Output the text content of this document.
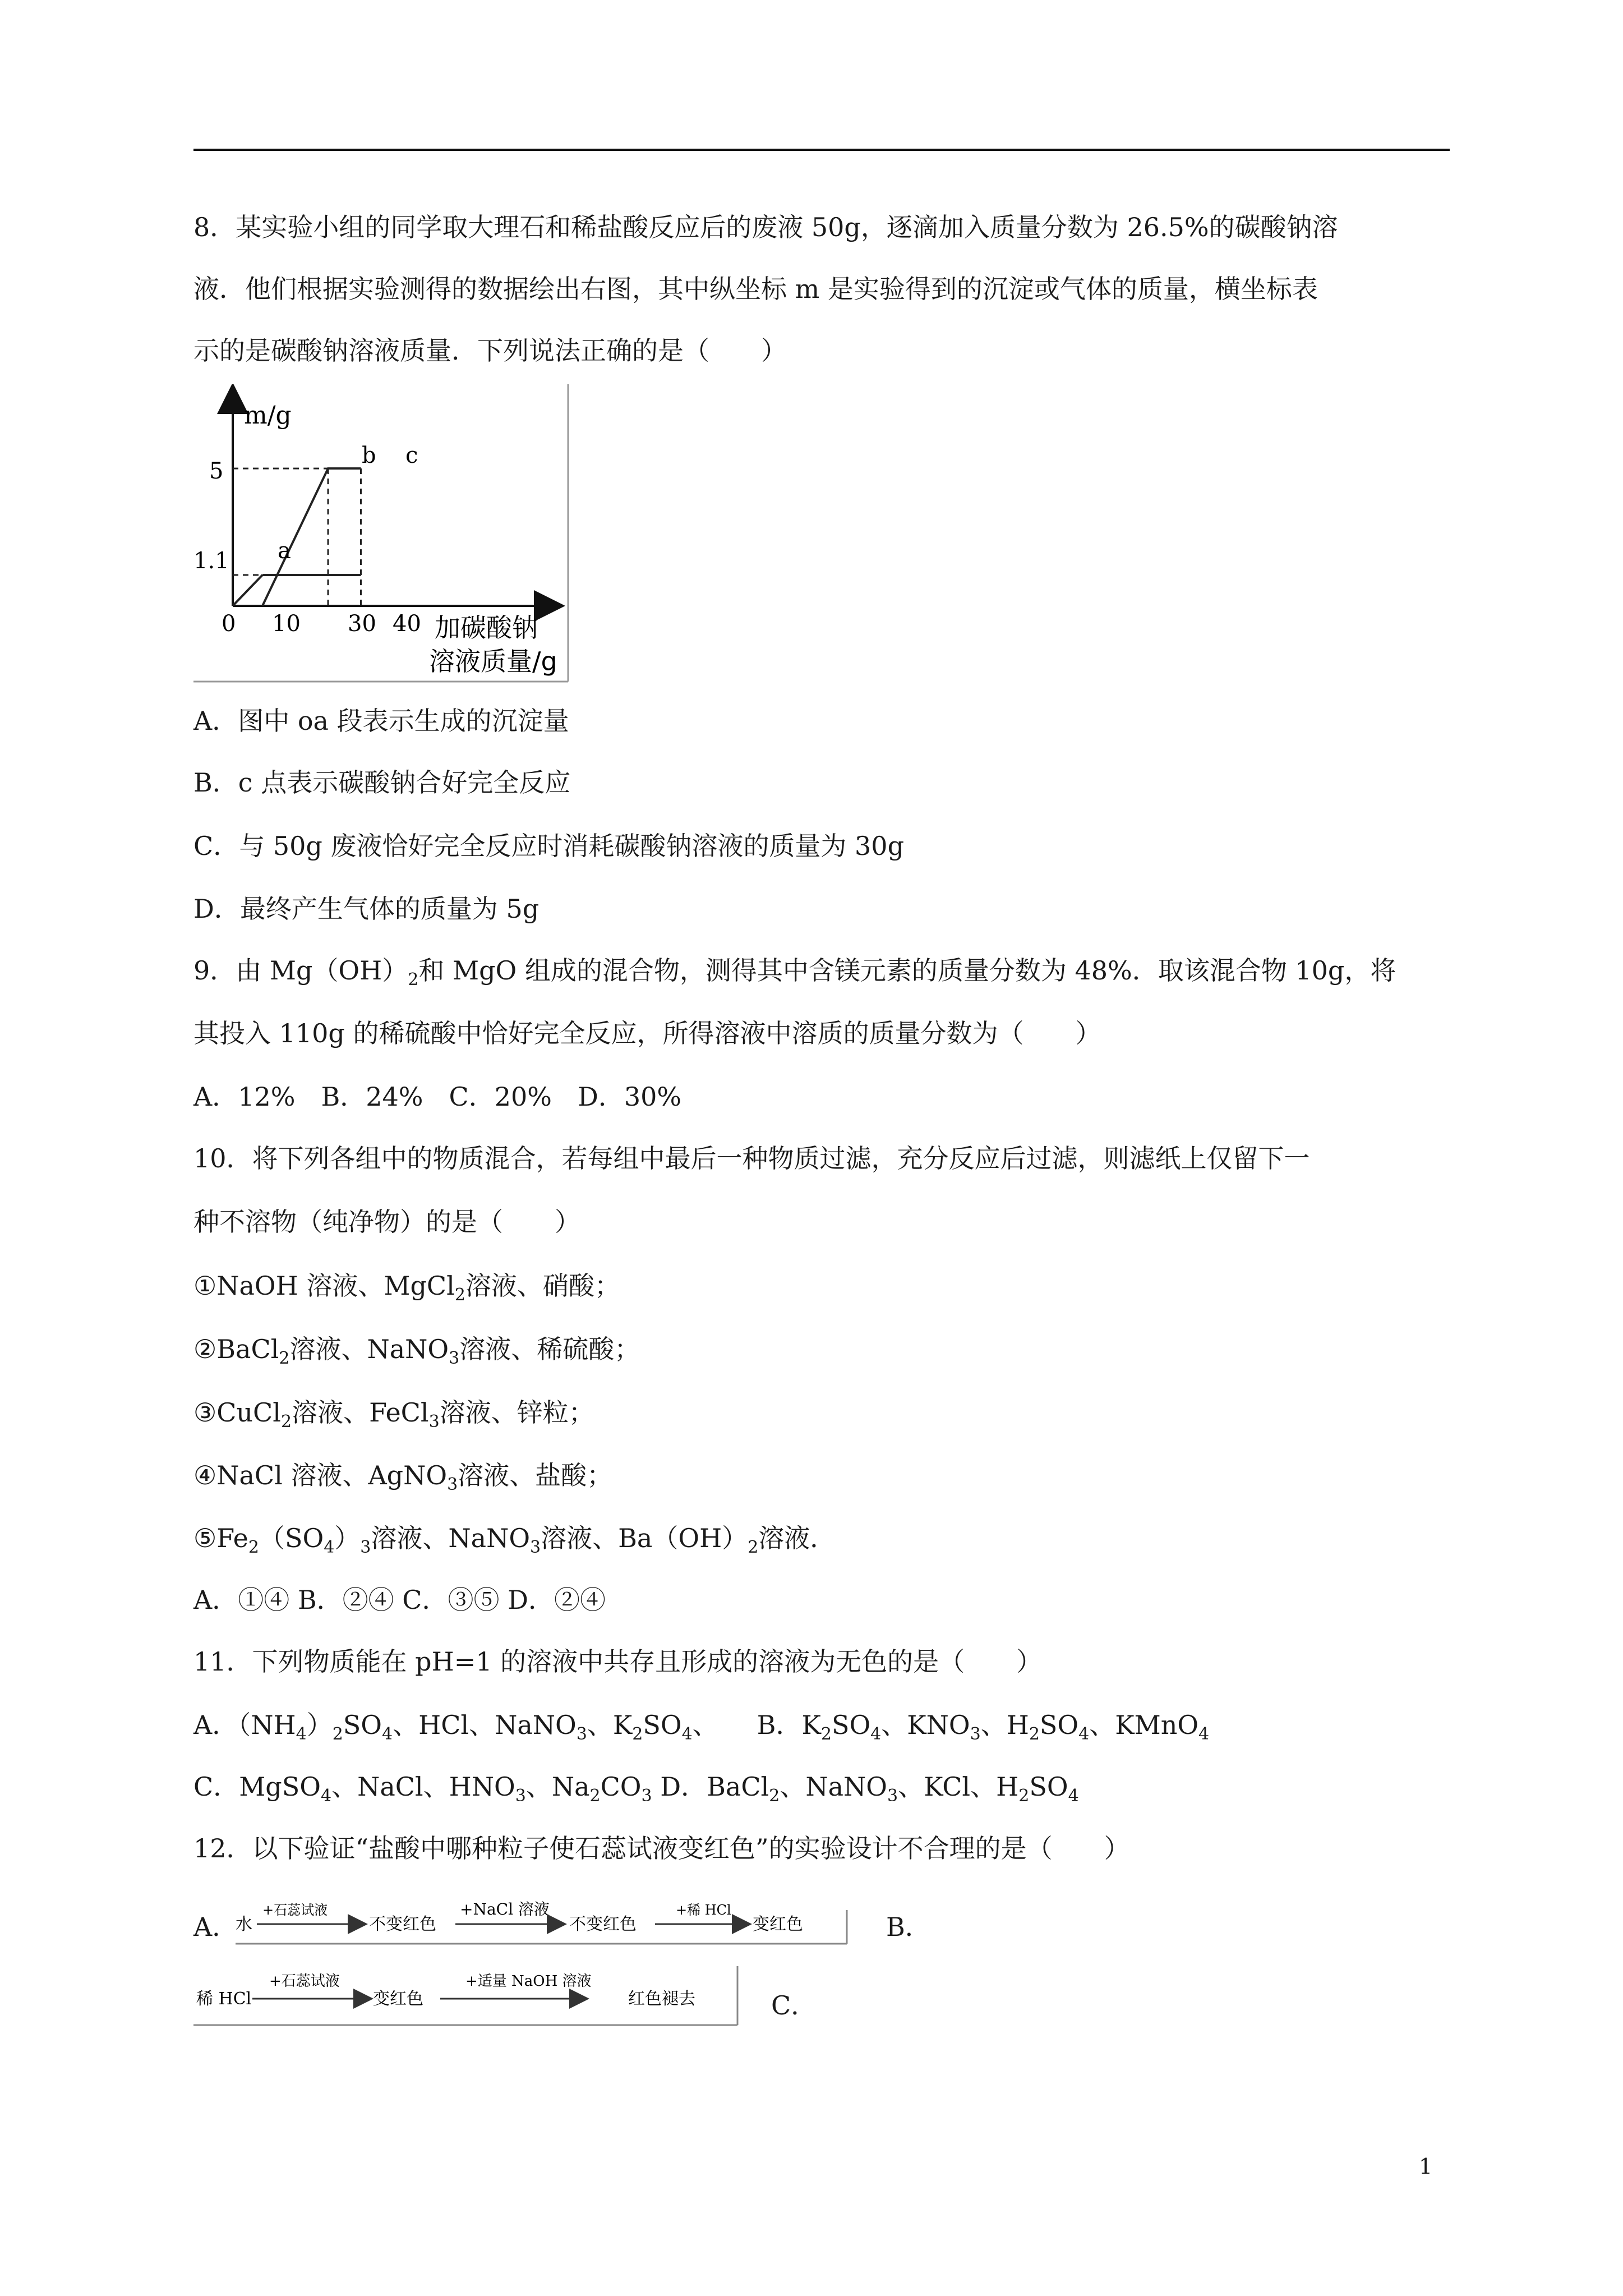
8．某实验小组的同学取大理石和稀盐酸反应后的废液 50g，逐滴加入质量分数为 26.5%的碳酸钠溶
液．他们根据实验测得的数据绘出右图，其中纵坐标 m 是实验得到的沉淀或气体的质量，横坐标表
示的是碳酸钠溶液质量．下列说法正确的是（　　）
m/g
加碳酸钠
溶液质量/g
0 10 30 40
5
1.1 a
b c
A．图中 oa 段表示生成的沉淀量
B．c 点表示碳酸钠合好完全反应
C．与 50g 废液恰好完全反应时消耗碳酸钠溶液的质量为 30g
D．最终产生气体的质量为 5g
9．由 $Mg(OH)_2$和 MgO 组成的混合物，测得其中含镁元素的质量分数为 48%．取该混合物 10g，将
其投入 110g 的稀硫酸中恰好完全反应，所得溶液中溶质的质量分数为（　　）
A．12%　B．24%　C．20%　D．30%
10．将下列各组中的物质混合，若每组中最后一种物质过滤，充分反应后过滤，则滤纸上仅留下一
种不溶物（纯净物）的是（　　）
①NaOH 溶液、MgCl$_2$溶液、硝酸；
②BaCl$_2$溶液、NaNO$_3$溶液、稀硫酸；
③CuCl$_2$溶液、FeCl$_3$溶液、锌粒；
④NaCl 溶液、AgNO$_3$溶液、盐酸；
$⑤Fe_2(SO_4)_3$溶液、NaNO$_3$溶液、$Ba(OH)_2$溶液．
A．①④ B．②④ C．③⑤ D．②④
11．下列物质能在 pH=1 的溶液中共存且形成的溶液为无色的是（　　）
A．$(NH_4)_2SO_4$、HCl、NaNO$_3$、$K_2SO_4$、　　B．$K_2SO_4$、$KNO_3$、$H_2SO_4$、KMnO$_4$
C．MgSO$_4$、NaCl、$HNO_3$、$Na_2CO_3$ D．BaCl$_2$、NaNO$_3$、KCl、$H_2SO_4$
12．以下验证“盐酸中哪种粒子使石蕊试液变红色”的实验设计不合理的是（　　）
A．
水
+石蕊试液
不变红色
+NaCl 溶液
不变红色
+稀 HCl
变红色	B．
稀 HCl
+石蕊试液
变红色
+适量 NaOH 溶液
红色褪去	C．
1
